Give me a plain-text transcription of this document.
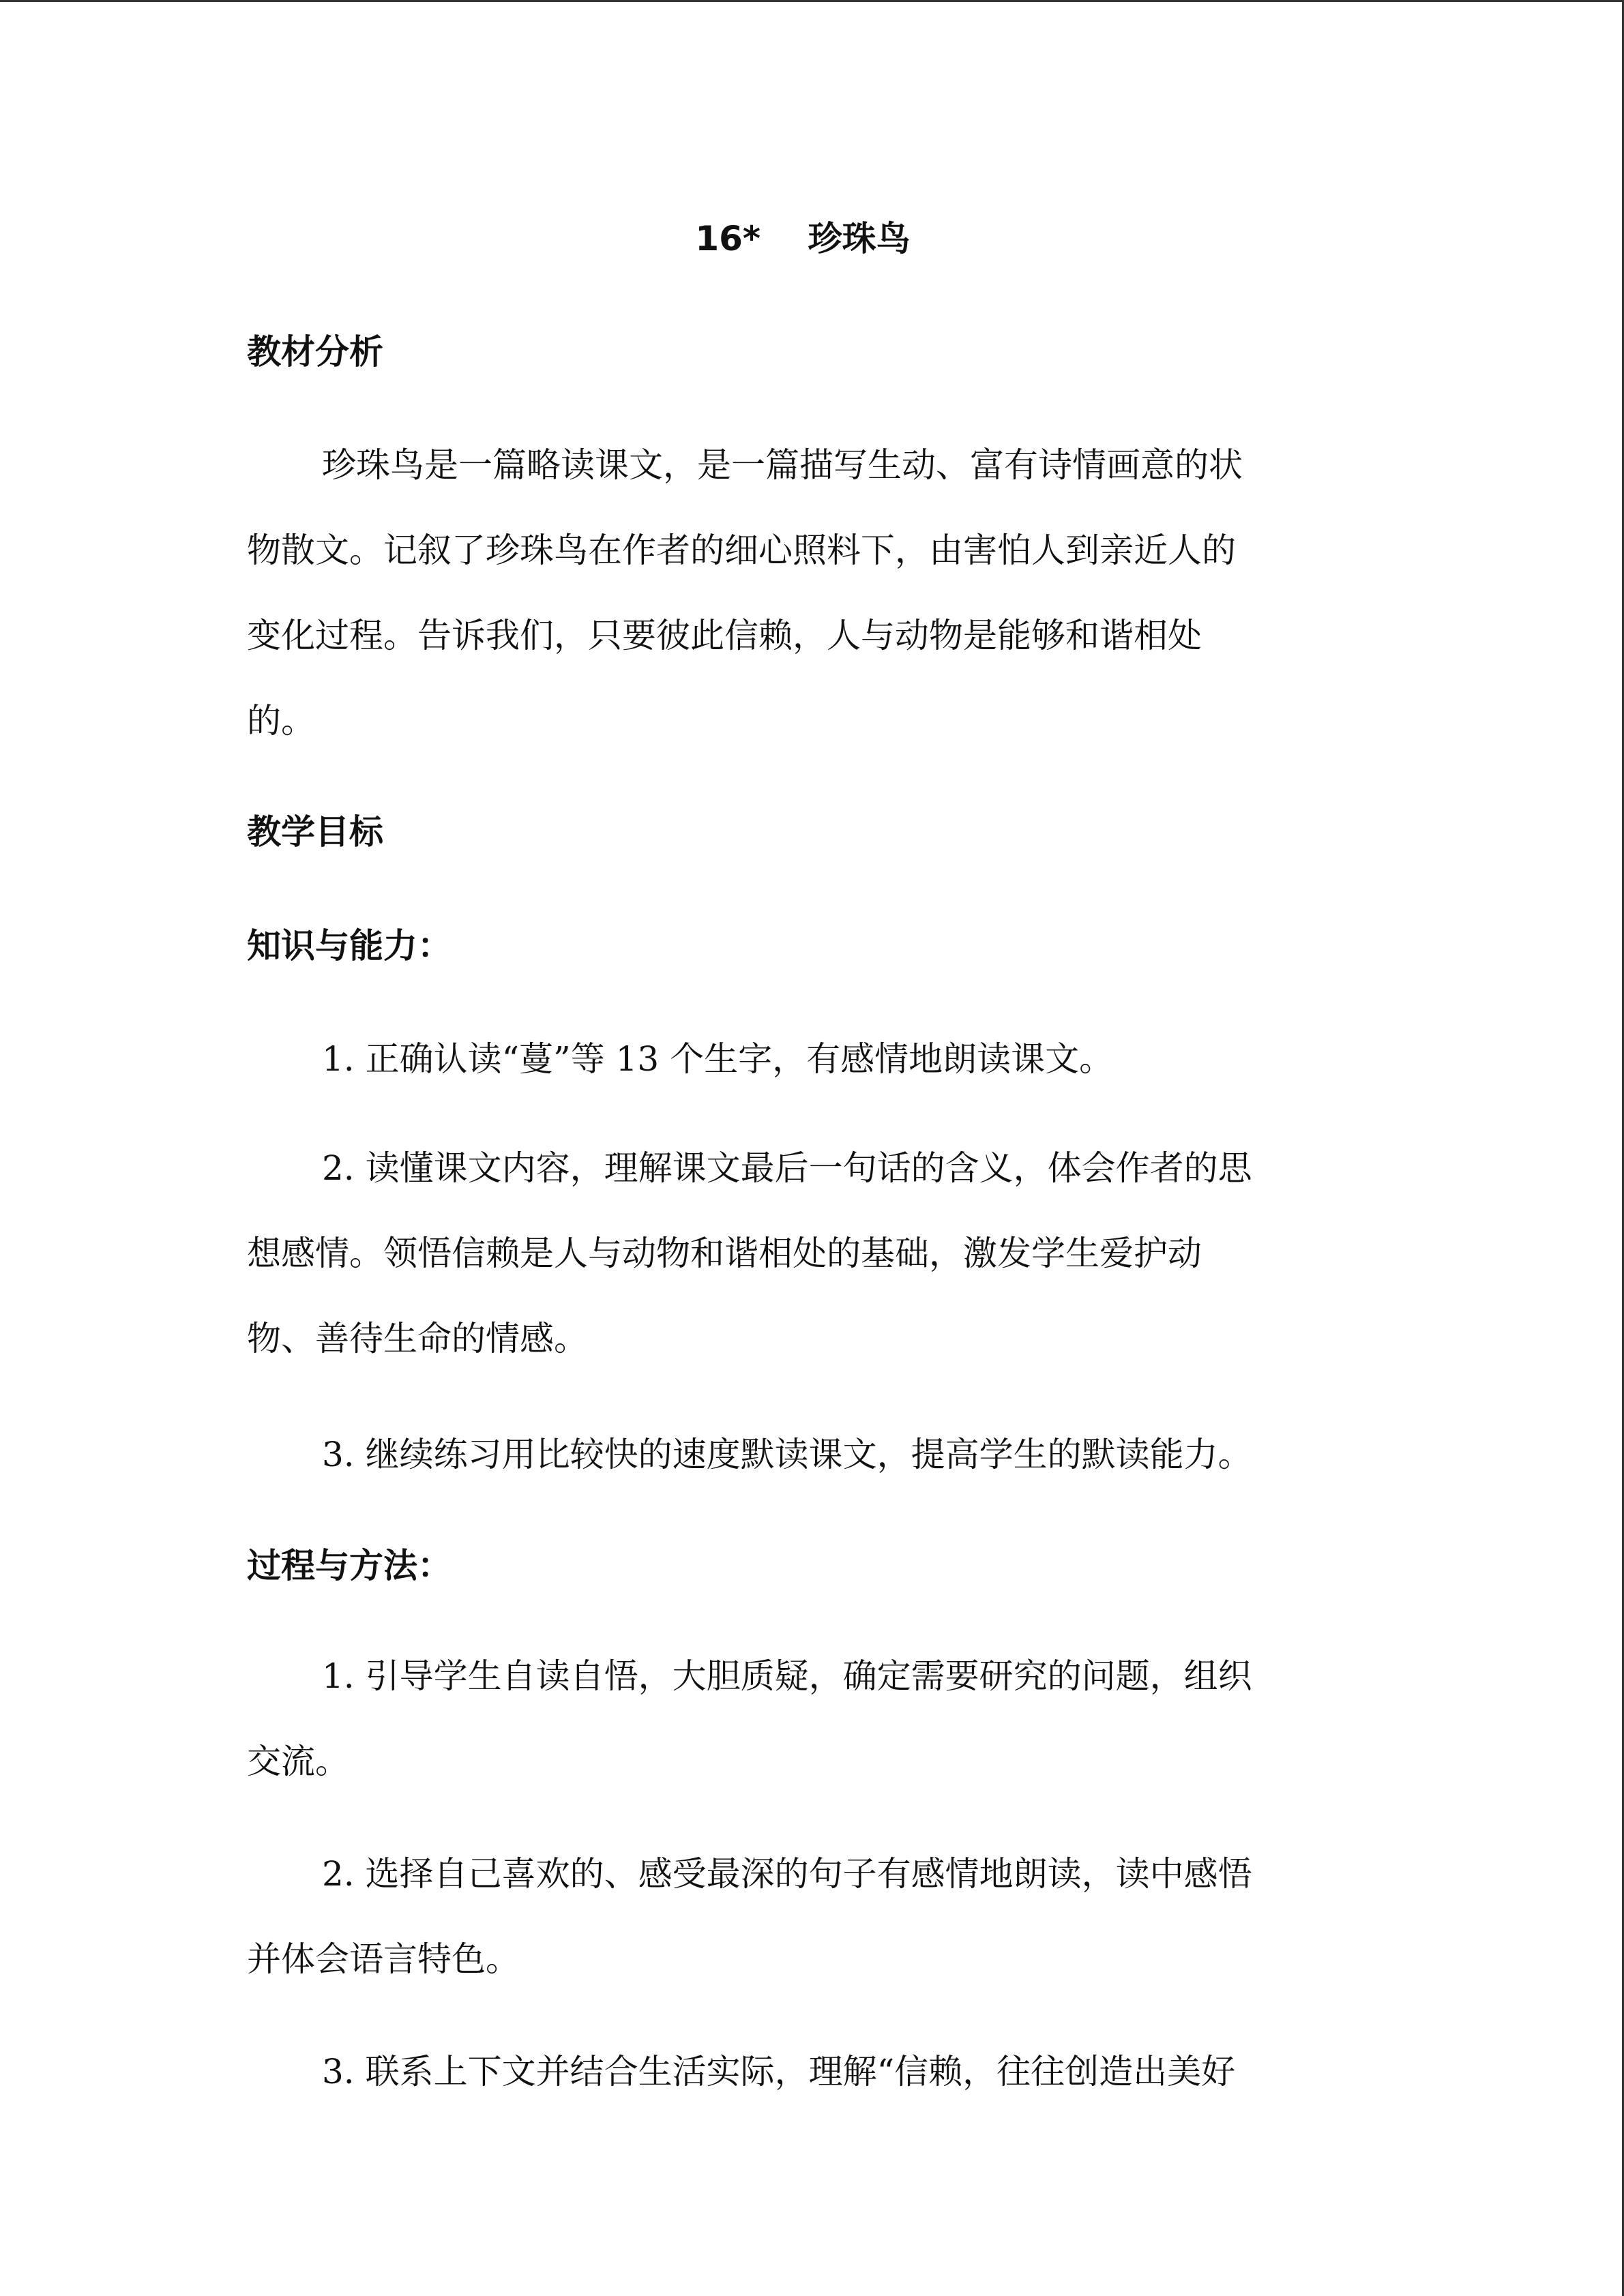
16*    珍珠鸟
教材分析
珍珠鸟是一篇略读课文，是一篇描写生动、富有诗情画意的状
物散文。记叙了珍珠鸟在作者的细心照料下，由害怕人到亲近人的
变化过程。告诉我们，只要彼此信赖，人与动物是能够和谐相处
的。
教学目标
知识与能力：
1. 正确认读“蔓”等 13 个生字，有感情地朗读课文。
2. 读懂课文内容，理解课文最后一句话的含义，体会作者的思
想感情。领悟信赖是人与动物和谐相处的基础，激发学生爱护动
物、善待生命的情感。
3. 继续练习用比较快的速度默读课文，提高学生的默读能力。
过程与方法：
1. 引导学生自读自悟，大胆质疑，确定需要研究的问题，组织
交流。
2. 选择自己喜欢的、感受最深的句子有感情地朗读，读中感悟
并体会语言特色。
3. 联系上下文并结合生活实际，理解“信赖，往往创造出美好
